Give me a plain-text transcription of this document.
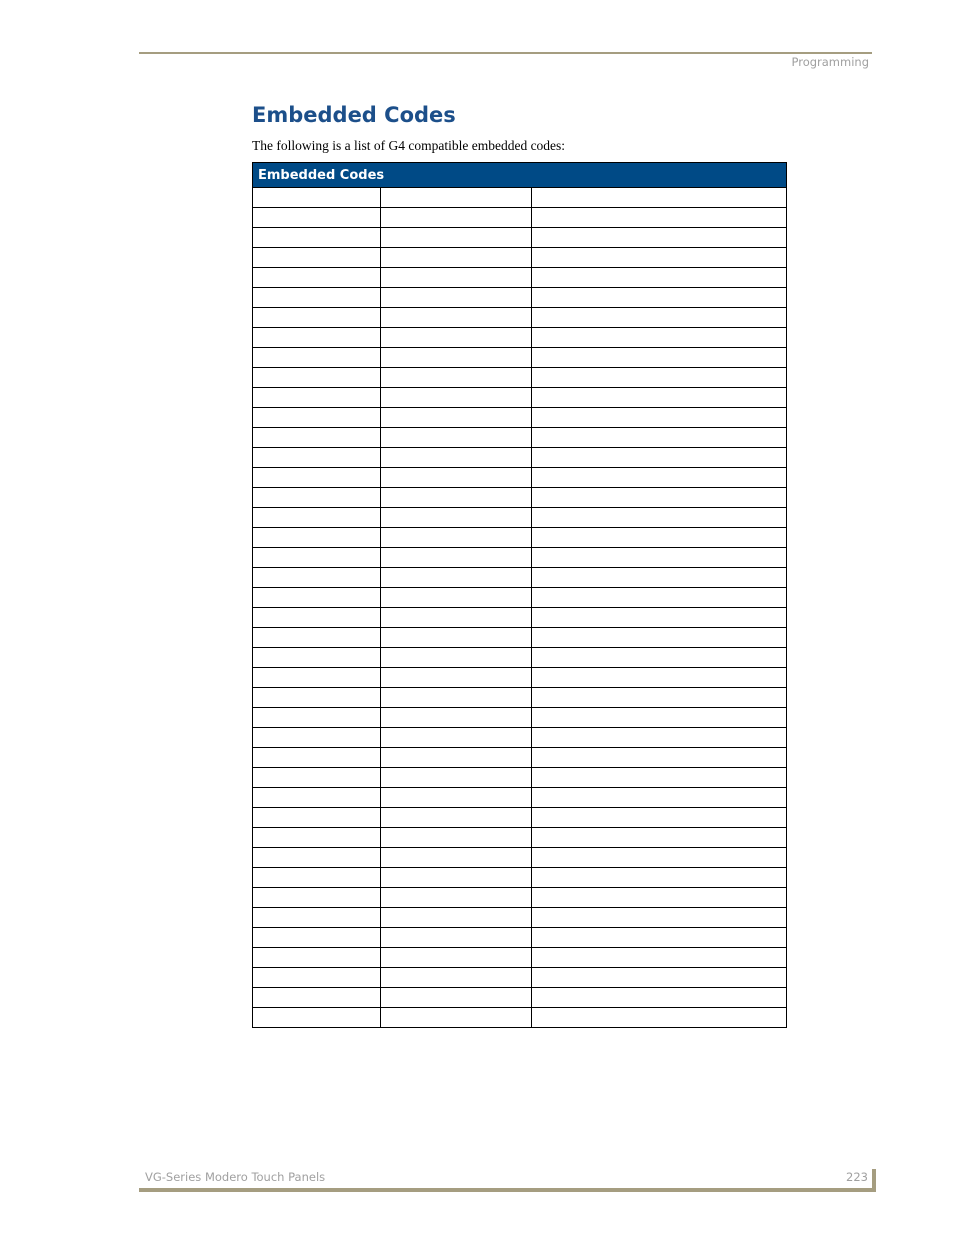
Programming
Embedded Codes
The following is a list of G4 compatible embedded codes:
Embedded Codes		

VG-Series Modero Touch Panels	223
